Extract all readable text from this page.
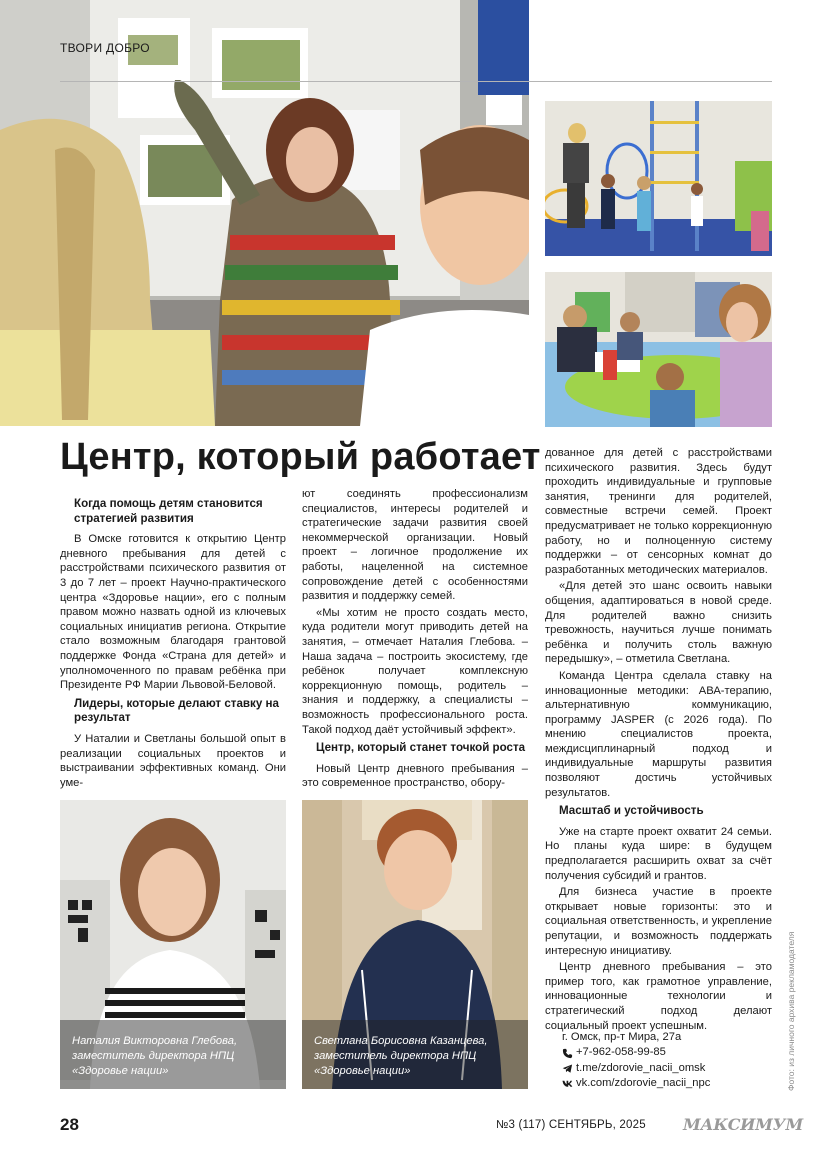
ТВОРИ ДОБРО
Центр, который работает
Когда помощь детям становится стратегией развития

В Омске готовится к открытию Центр дневного пребывания для детей с расстройствами психического развития от 3 до 7 лет – проект Научно-практического центра «Здоровье нации», его с полным правом можно назвать одной из ключевых социальных инициатив региона. Открытие стало возможным благодаря грантовой поддержке Фонда «Страна для детей» и уполномоченного по правам ребёнка при Президенте РФ Марии Львовой-Беловой.

Лидеры, которые делают ставку на результат

У Наталии и Светланы большой опыт в реализации социальных проектов и выстраивании эффективных команд. Они уме-

ют соединять профессионализм специалистов, интересы родителей и стратегические задачи развития своей некоммерческой организации. Новый проект – логичное продолжение их работы, нацеленной на системное сопровождение детей с особенностями развития и поддержку семей.

«Мы хотим не просто создать место, куда родители могут приводить детей на занятия, – отмечает Наталия Глебова. – Наша задача – построить экосистему, где ребёнок получает комплексную коррекционную помощь, родитель – знания и поддержку, а специалисты – возможность профессионального роста. Такой подход даёт устойчивый эффект».

Центр, который станет точкой роста

Новый Центр дневного пребывания – это современное пространство, обору-

дованное для детей с расстройствами психического развития. Здесь будут проходить индивидуальные и групповые занятия, тренинги для родителей, совместные встречи семей. Проект предусматривает не только коррекционную работу, но и полноценную систему поддержки – от сенсорных комнат до разработанных методических материалов.

«Для детей это шанс освоить навыки общения, адаптироваться в новой среде. Для родителей важно снизить тревожность, научиться лучше понимать ребёнка и получить столь важную передышку», – отметила Светлана.

Команда Центра сделала ставку на инновационные методики: АВА-терапию, альтернативную коммуникацию, программу JASPER (с 2026 года). По мнению специалистов проекта, междисциплинарный подход и индивидуальные маршруты развития позволяют достичь устойчивых результатов.

Масштаб и устойчивость

Уже на старте проект охватит 24 семьи. Но планы куда шире: в будущем предполагается расширить охват за счёт получения субсидий и грантов.

Для бизнеса участие в проекте открывает новые горизонты: это и социальная ответственность, и укрепление репутации, и возможность поддержать интересную инициативу.

Центр дневного пребывания – это пример того, как грамотное управление, инновационные технологии и стратегический подход делают социальный проект успешным.

Наталия Викторовна Глебова, заместитель директора НПЦ «Здоровье нации»
Светлана Борисовна Казанцева, заместитель директора НПЦ «Здоровье нации»
г. Омск, пр-т Мира, 27а
+7-962-058-99-85
t.me/zdorovie_nacii_omsk
vk.com/zdorovie_nacii_npc	Фото: из личного архива рекламодателя
28	№3 (117) СЕНТЯБРЬ, 2025 МАКСИМУМ
